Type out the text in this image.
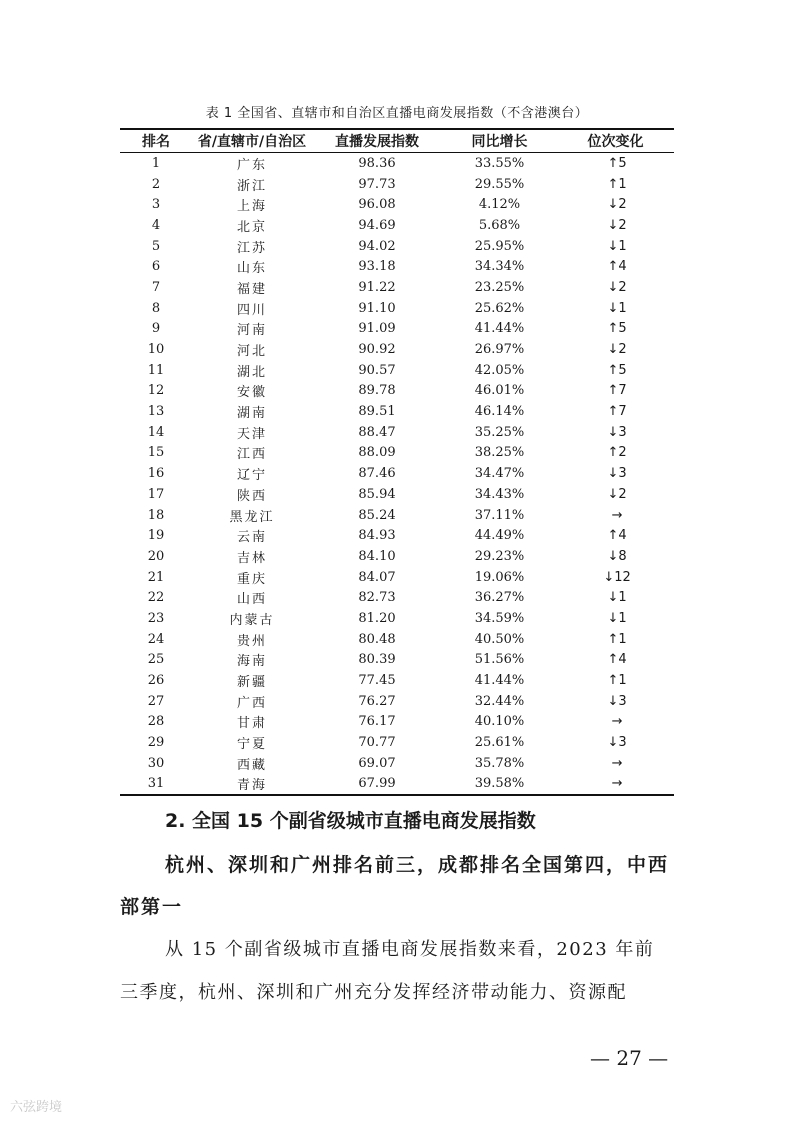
表 1 全国省、直辖市和自治区直播电商发展指数（不含港澳台）
排名	省/直辖市/自治区	直播发展指数	同比增长	位次变化
1	广东	98.36	33.55%	↑5
2	浙江	97.73	29.55%	↑1
3	上海	96.08	4.12%	↓2
4	北京	94.69	5.68%	↓2
5	江苏	94.02	25.95%	↓1
6	山东	93.18	34.34%	↑4
7	福建	91.22	23.25%	↓2
8	四川	91.10	25.62%	↓1
9	河南	91.09	41.44%	↑5
10	河北	90.92	26.97%	↓2
11	湖北	90.57	42.05%	↑5
12	安徽	89.78	46.01%	↑7
13	湖南	89.51	46.14%	↑7
14	天津	88.47	35.25%	↓3
15	江西	88.09	38.25%	↑2
16	辽宁	87.46	34.47%	↓3
17	陕西	85.94	34.43%	↓2
18	黑龙江	85.24	37.11%	→
19	云南	84.93	44.49%	↑4
20	吉林	84.10	29.23%	↓8
21	重庆	84.07	19.06%	↓12
22	山西	82.73	36.27%	↓1
23	内蒙古	81.20	34.59%	↓1
24	贵州	80.48	40.50%	↑1
25	海南	80.39	51.56%	↑4
26	新疆	77.45	41.44%	↑1
27	广西	76.27	32.44%	↓3
28	甘肃	76.17	40.10%	→
29	宁夏	70.77	25.61%	↓3
30	西藏	69.07	35.78%	→
31	青海	67.99	39.58%	→
2. 全国 15 个副省级城市直播电商发展指数
杭州、深圳和广州排名前三，成都排名全国第四，中西
部第一
从 15 个副省级城市直播电商发展指数来看，2023 年前
三季度，杭州、深圳和广州充分发挥经济带动能力、资源配
— 27 —
六弦跨境
